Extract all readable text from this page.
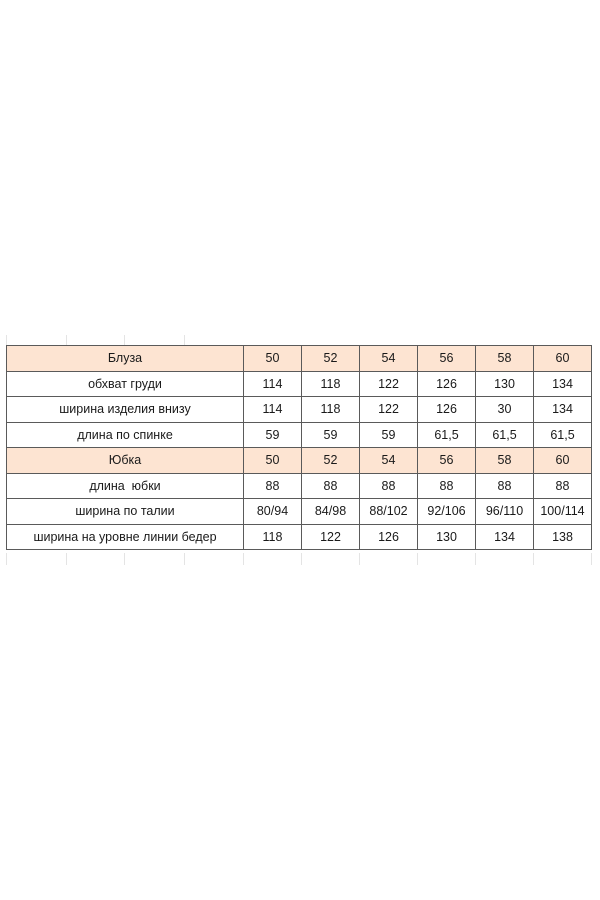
Блуза	50	52	54	56	58	60
обхват груди	114	118	122	126	130	134
ширина изделия внизу	114	118	122	126	30	134
длина по спинке	59	59	59	61,5	61,5	61,5
Юбка	50	52	54	56	58	60
длина  юбки	88	88	88	88	88	88
ширина по талии	80/94	84/98	88/102	92/106	96/110	100/114
ширина на уровне линии бедер	118	122	126	130	134	138
